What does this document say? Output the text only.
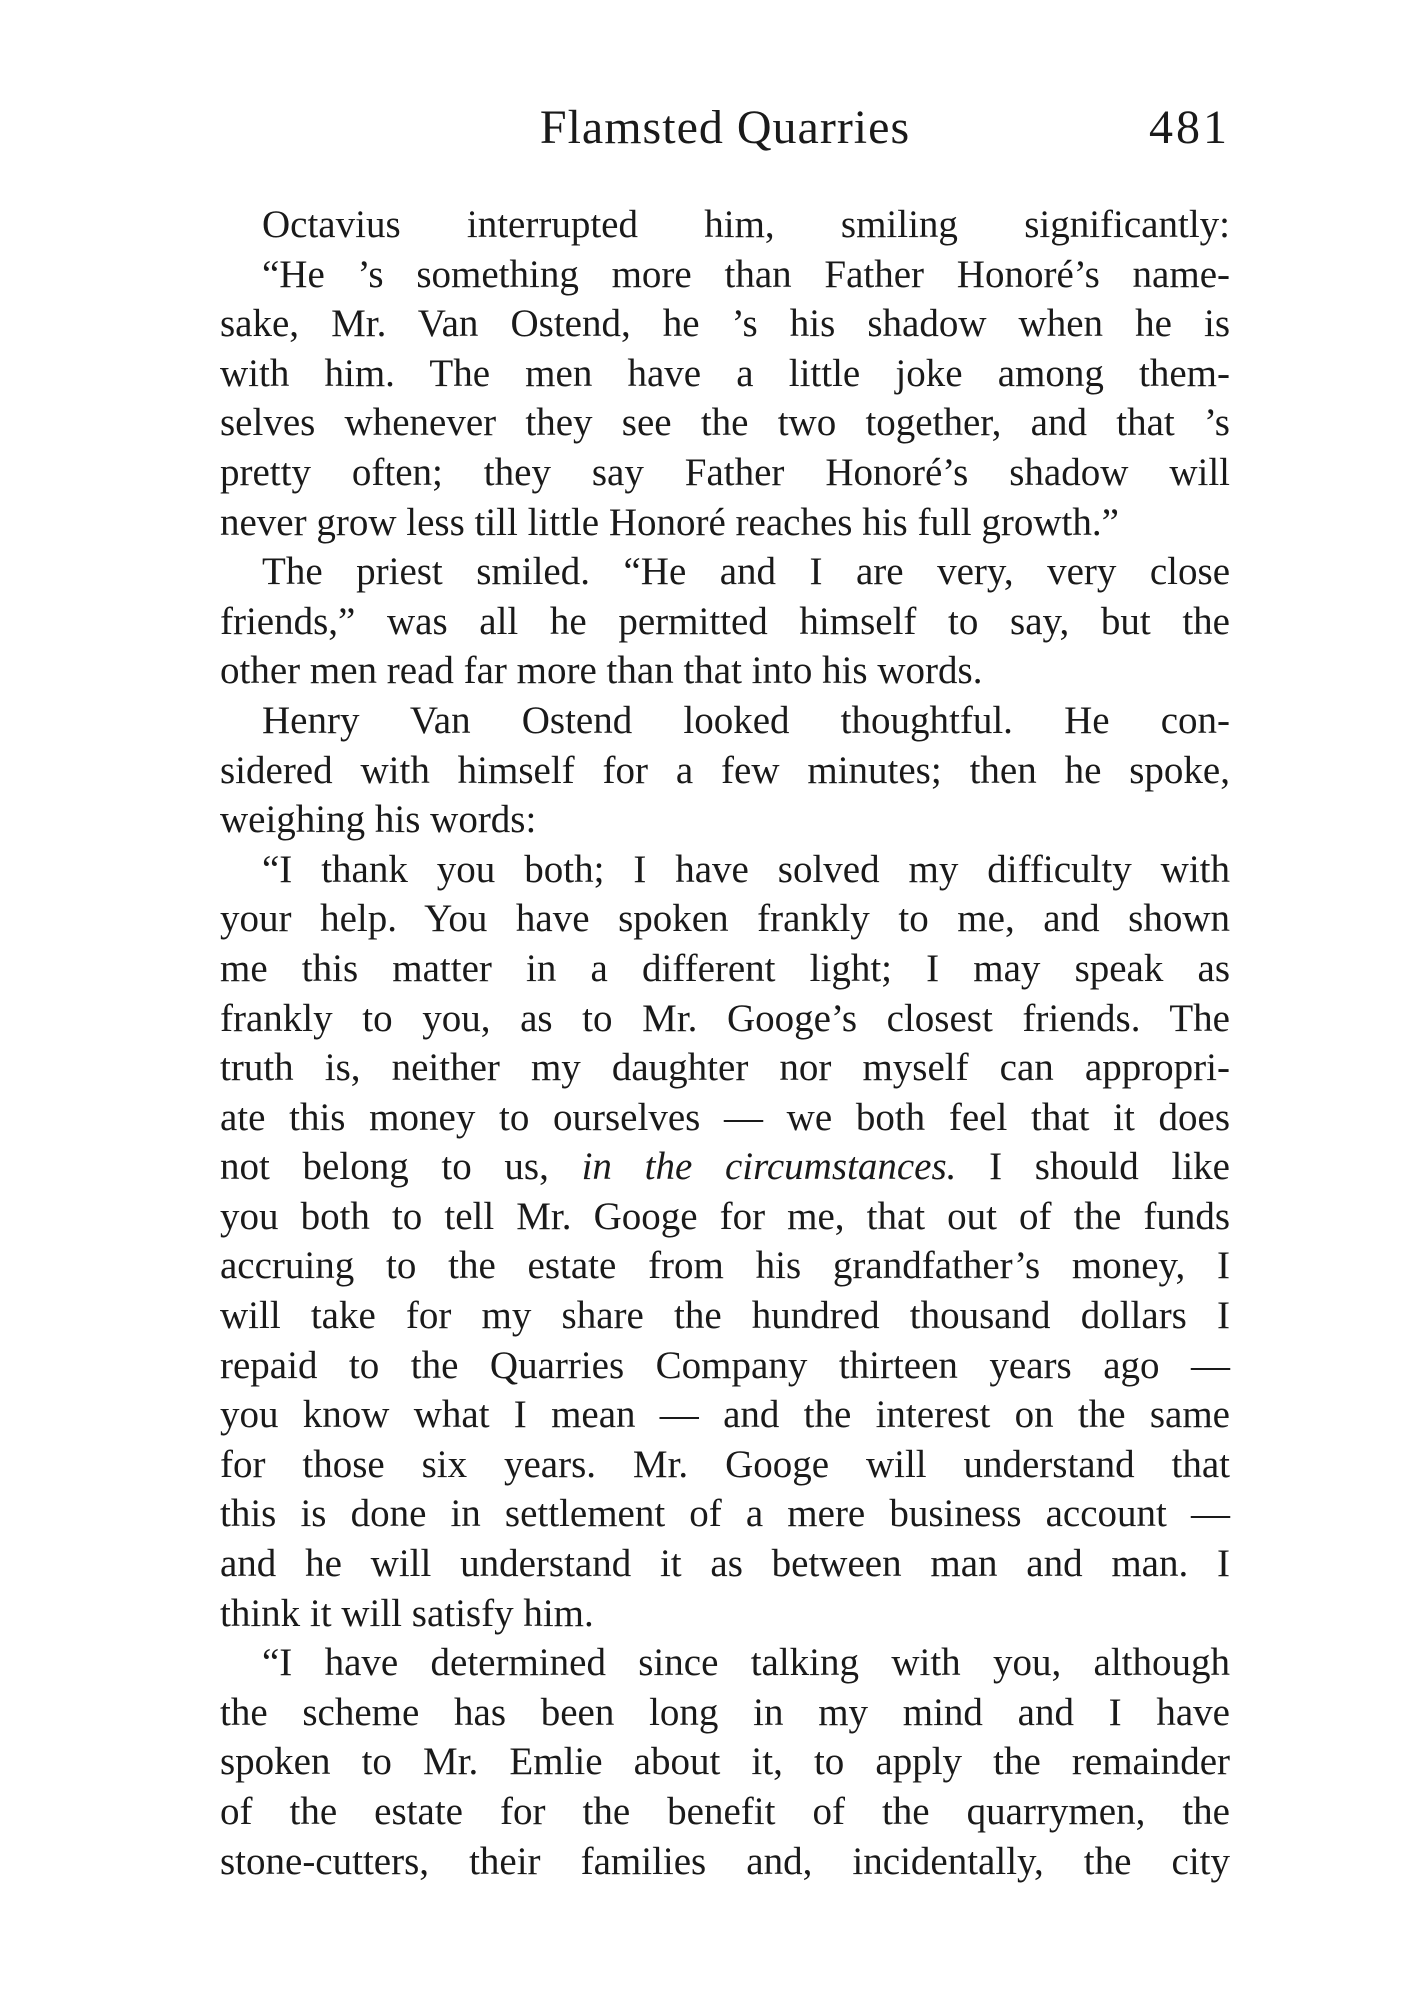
Flamsted Quarries	481
Octavius interrupted him, smiling significantly:
“He ’s something more than Father Honoré’s name-
sake, Mr. Van Ostend, he ’s his shadow when he is
with him. The men have a little joke among them-
selves whenever they see the two together, and that ’s
pretty often; they say Father Honoré’s shadow will
never grow less till little Honoré reaches his full growth.”
The priest smiled. “He and I are very, very close
friends,” was all he permitted himself to say, but the
other men read far more than that into his words.
Henry Van Ostend looked thoughtful. He con-
sidered with himself for a few minutes; then he spoke,
weighing his words:
“I thank you both; I have solved my difficulty with
your help. You have spoken frankly to me, and shown
me this matter in a different light; I may speak as
frankly to you, as to Mr. Googe’s closest friends. The
truth is, neither my daughter nor myself can appropri-
ate this money to ourselves — we both feel that it does
not belong to us, in the circumstances. I should like
you both to tell Mr. Googe for me, that out of the funds
accruing to the estate from his grandfather’s money, I
will take for my share the hundred thousand dollars I
repaid to the Quarries Company thirteen years ago —
you know what I mean — and the interest on the same
for those six years. Mr. Googe will understand that
this is done in settlement of a mere business account —
and he will understand it as between man and man. I
think it will satisfy him.
“I have determined since talking with you, although
the scheme has been long in my mind and I have
spoken to Mr. Emlie about it, to apply the remainder
of the estate for the benefit of the quarrymen, the
stone-cutters, their families and, incidentally, the city
